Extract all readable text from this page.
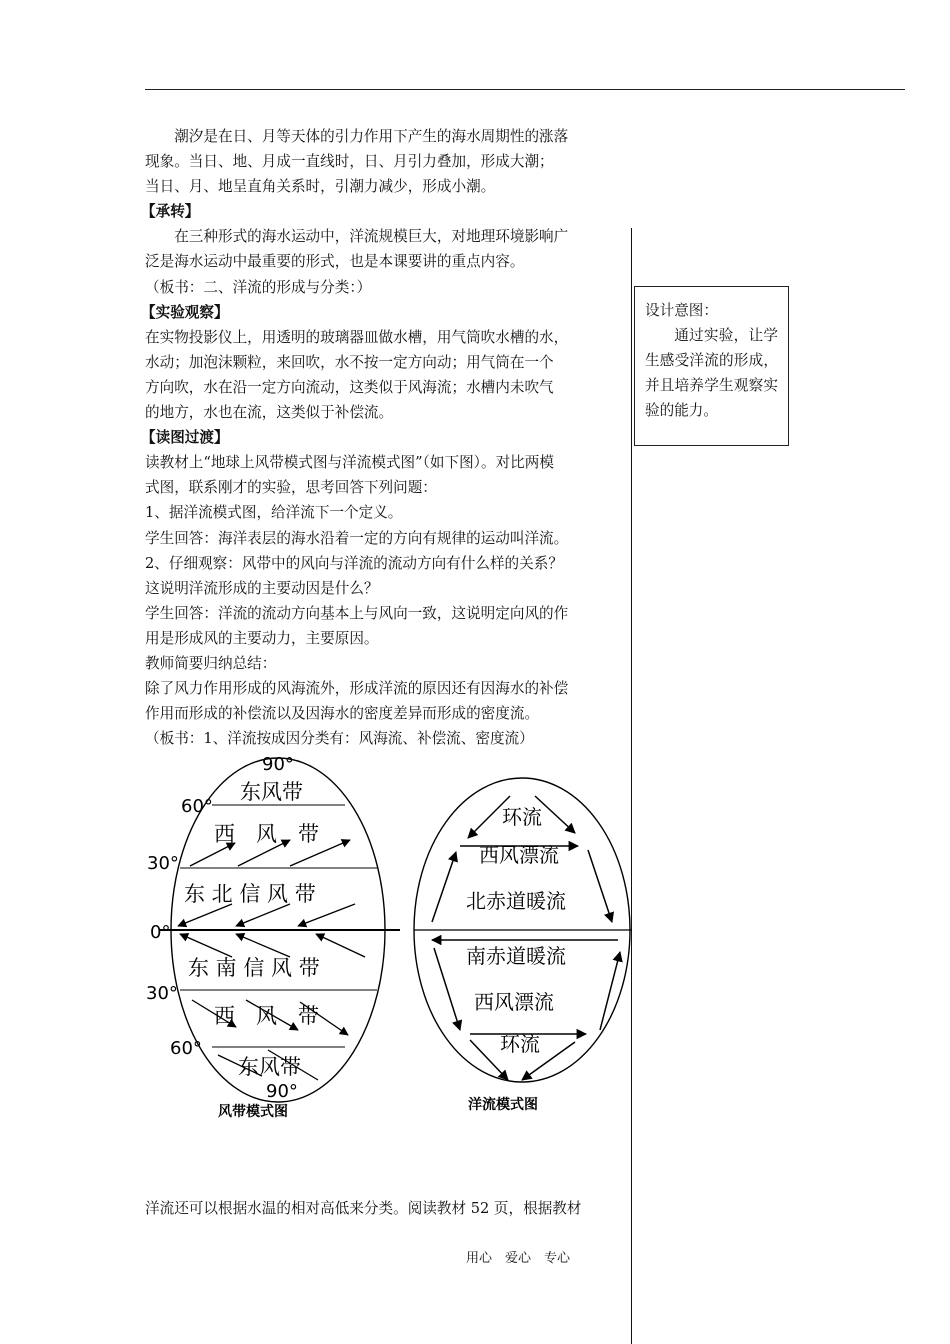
潮汐是在日、月等天体的引力作用下产生的海水周期性的涨落

现象。当日、地、月成一直线时，日、月引力叠加，形成大潮；

当日、月、地呈直角关系时，引潮力减少，形成小潮。

【承转】

在三种形式的海水运动中，洋流规模巨大，对地理环境影响广

泛是海水运动中最重要的形式，也是本课要讲的重点内容。

（板书：二、洋流的形成与分类：）

【实验观察】

在实物投影仪上，用透明的玻璃器皿做水槽，用气筒吹水槽的水，

水动；加泡沫颗粒，来回吹，水不按一定方向动；用气筒在一个

方向吹，水在沿一定方向流动，这类似于风海流；水槽内未吹气

的地方，水也在流，这类似于补偿流。

【读图过渡】

读教材上“地球上风带模式图与洋流模式图”（如下图）。对比两模

式图，联系刚才的实验，思考回答下列问题：

1、据洋流模式图，给洋流下一个定义。

学生回答：海洋表层的海水沿着一定的方向有规律的运动叫洋流。

2、仔细观察：风带中的风向与洋流的流动方向有什么样的关系？

这说明洋流形成的主要动因是什么？

学生回答：洋流的流动方向基本上与风向一致，这说明定向风的作

用是形成风的主要动力，主要原因。

教师简要归纳总结：

除了风力作用形成的风海流外，形成洋流的原因还有因海水的补偿

作用而形成的补偿流以及因海水的密度差异而形成的密度流。

（板书：1、洋流按成因分类有：风海流、补偿流、密度流）

设计意图：

通过实验，让学生感受洋流的形成，并且培养学生观察实验的能力。

90°
60°
30°
0°
30°
60°
90°
东风带
西　风　带
东 北 信 风 带
东 南 信 风 带
西　风　带
东风带
风带模式图
环流
西风漂流
北赤道暖流
南赤道暖流
西风漂流
环流
洋流模式图
洋流还可以根据水温的相对高低来分类。阅读教材 52 页，根据教材
用心　爱心　专心
